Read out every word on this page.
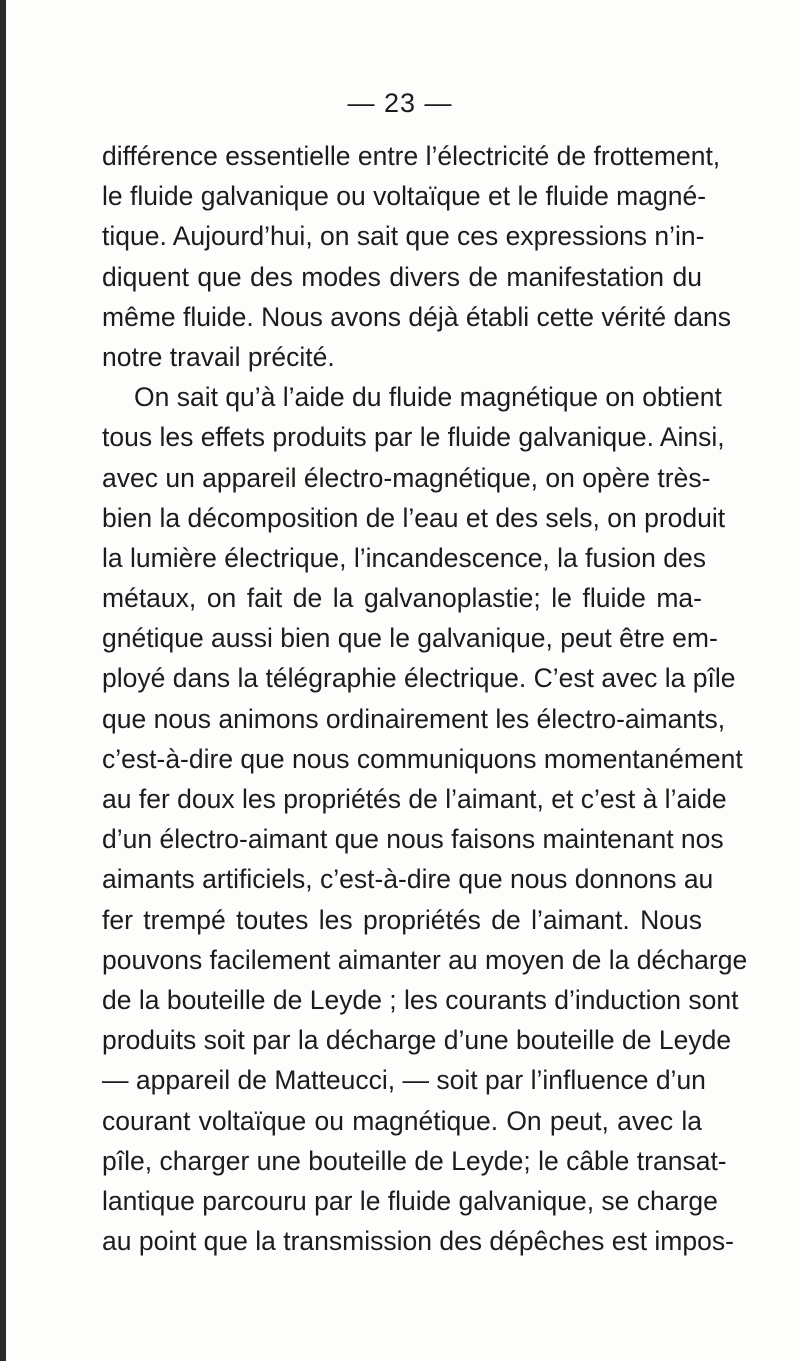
— 23 —
différence essentielle entre l’électricité de frottement,
le fluide galvanique ou voltaïque et le fluide magné-
tique. Aujourd’hui, on sait que ces expressions n’in-
diquent que des modes divers de manifestation du
même fluide. Nous avons déjà établi cette vérité dans
notre travail précité.
On sait qu’à l’aide du fluide magnétique on obtient
tous les effets produits par le fluide galvanique. Ainsi,
avec un appareil électro-magnétique, on opère très-
bien la décomposition de l’eau et des sels, on produit
la lumière électrique, l’incandescence, la fusion des
métaux, on fait de la galvanoplastie; le fluide ma-
gnétique aussi bien que le galvanique, peut être em-
ployé dans la télégraphie électrique. C’est avec la pîle
que nous animons ordinairement les électro-aimants,
c’est-à-dire que nous communiquons momentanément
au fer doux les propriétés de l’aimant, et c’est à l’aide
d’un électro-aimant que nous faisons maintenant nos
aimants artificiels, c’est-à-dire que nous donnons au
fer trempé toutes les propriétés de l’aimant. Nous
pouvons facilement aimanter au moyen de la décharge
de la bouteille de Leyde ; les courants d’induction sont
produits soit par la décharge d’une bouteille de Leyde
— appareil de Matteucci, — soit par l’influence d’un
courant voltaïque ou magnétique. On peut, avec la
pîle, charger une bouteille de Leyde; le câble transat-
lantique parcouru par le fluide galvanique, se charge
au point que la transmission des dépêches est impos-
